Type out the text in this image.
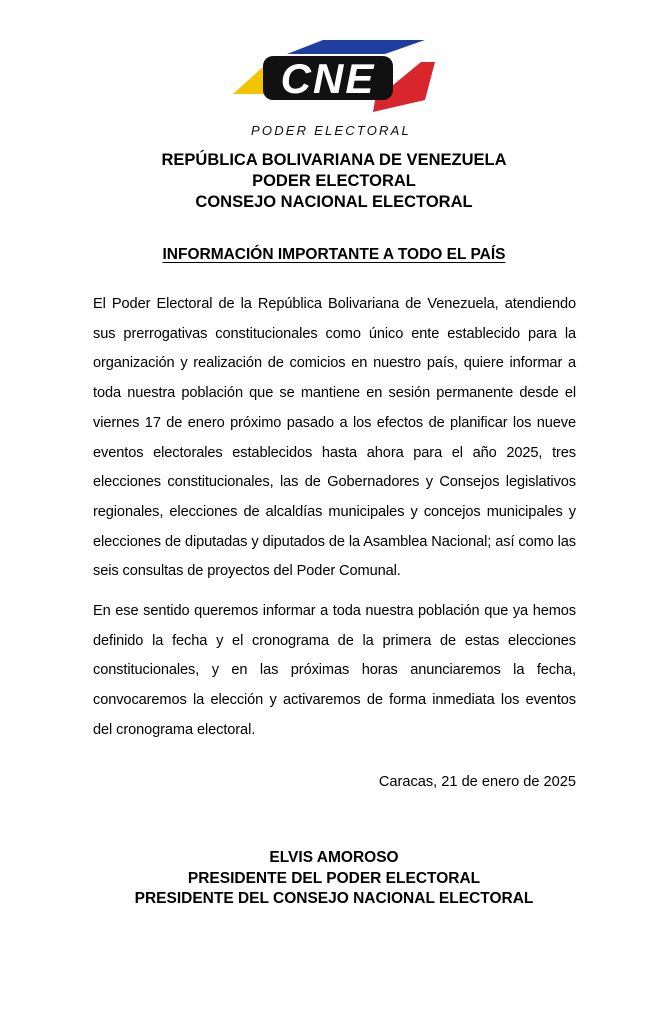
CNE
PODER ELECTORAL
REPÚBLICA BOLIVARIANA DE VENEZUELA
PODER ELECTORAL
CONSEJO NACIONAL ELECTORAL
INFORMACIÓN IMPORTANTE A TODO EL PAÍS

El Poder Electoral de la República Bolivariana de Venezuela, atendiendo sus prerrogativas constitucionales como único ente establecido para la organización y realización de comicios en nuestro país, quiere informar a toda nuestra población que se mantiene en sesión permanente desde el viernes 17 de enero próximo pasado a los efectos de planificar los nueve eventos electorales establecidos hasta ahora para el año 2025, tres elecciones constitucionales, las de Gobernadores y Consejos legislativos regionales, elecciones de alcaldías municipales y concejos municipales y elecciones de diputadas y diputados de la Asamblea Nacional; así como las seis consultas de proyectos del Poder Comunal.

En ese sentido queremos informar a toda nuestra población que ya hemos definido la fecha y el cronograma de la primera de estas elecciones constitucionales, y en las próximas horas anunciaremos la fecha, convocaremos la elección y activaremos de forma inmediata los eventos del cronograma electoral.

Caracas, 21 de enero de 2025
ELVIS AMOROSO
PRESIDENTE DEL PODER ELECTORAL
PRESIDENTE DEL CONSEJO NACIONAL ELECTORAL
